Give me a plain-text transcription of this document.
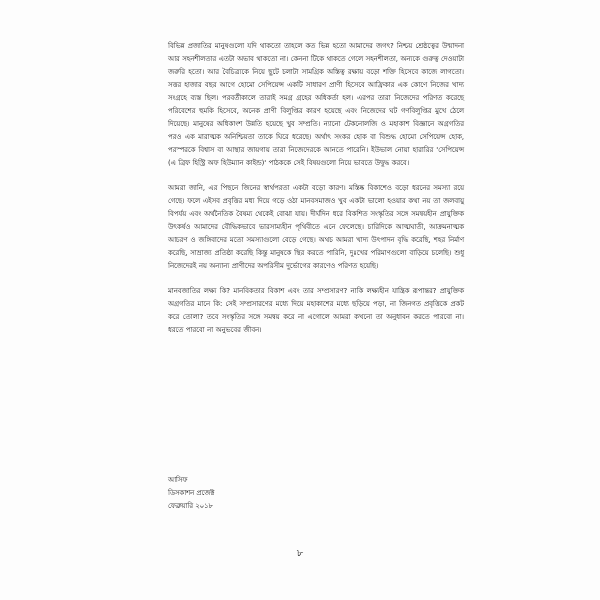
বিভিন্ন প্রজাতির মানুষগুলো যদি থাকতো তাহলে কত ভিন্ন হতো আমাদের জগৎ? নিশ্চয় শ্রেষ্ঠত্বের উন্মাদনা আর সহনশীলতার এতটা অভাব থাকতো না। কেননা টিকে থাকতে গেলে সহনশীলতা, অন্যকে গুরুত্ব দেওয়াটা জরুরি হতো। আর বৈচিত্র্যকে নিয়ে ছুটে চলাটা সামগ্রিক অস্তিত্ব রক্ষায় বড়ো শক্তি হিসেবে কাজে লাগতো। সত্তর হাজার বছর আগে হোমো সেপিয়েন্স একটি সাধারণ প্রাণী হিসেবে আফ্রিকার এক কোণে নিজের খাদ্য সংগ্রহে ব্যস্ত ছিল। পরবর্তীকালে তারাই সমগ্র গ্রহের অধিকর্তা হল। এরপর তারা নিজেদের পরিণত করেছে পরিবেশের হুমকি হিসেবে, অনেক প্রাণী বিলুপ্তির কারণ হয়েছে এবং নিজেদের ঘট গণবিলুপ্তির মুখে ঠেলে দিয়েছে। মানুষের অধিকাংশ উন্নতি হয়েছে খুব সম্প্রতি। ন্যানো টেকনোলজি ও মহাকাশ বিজ্ঞানে অগ্রগতির পরও এক মারাত্মক অনিশ্চিয়তা তাকে ঘিরে ধরেছে। অর্থাৎ সংকর হোক বা বিশুদ্ধ হোমো সেপিয়েন্স হোক, পরস্পরকে বিশ্বাস বা আস্থার জায়গায় তারা নিজেদেরকে আনতে পারেনি। ইউভাল নোয়া হারারির 'সেপিয়েন্স (এ ব্রিফ হিস্ট্রি অফ হিউম্যান কাইন্ড)' পাঠককে সেই বিষয়গুলো নিয়ে ভাবতে উদ্বুদ্ধ করবে।

আমরা জানি, এর পিছনে জিনের স্বার্থপরতা একটা বড়ো কারণ। মস্তিষ্ক বিকাশেও বড়ো ধরনের সমস্যা রয়ে গেছে। ফলে এইসব প্রবৃত্তির মধ্য দিয়ে গড়ে ওঠা মানবসমাজও খুব একটা ভালো হওয়ার কথা নয় তা জলবায়ু বিপর্যয় এবং অর্থনৈতিক বৈষম্য থেকেই বোঝা যায়। দীর্ঘদিন ধরে বিকশিত সংস্কৃতির সঙ্গে সমন্বয়হীন প্রাযুক্তিক উৎকর্ষও আমাদের বৌদ্ধিকভাবে ভারসাম্যহীন পৃথিবীতে এনে ফেলেছে। চারিদিকে আত্মঘাতী, আক্রমনাত্মক আচরণ ও জঙ্গিবাদের মতো সমস্যাগুলো বেড়ে গেছে। অথচ আমরা খাদ্য উৎপাদন বৃদ্ধি করেছি, শহর নির্মাণ করেছি, সাম্রাজ্য প্রতিষ্ঠা করেছি কিন্তু মানুষকে স্থির করতে পারিনি, দুঃখের পরিমাণগুলো বাড়িয়ে চলেছি। শুধু নিজেদেরই নয় অন্যান্য প্রাণীদের অপরিসীম দুর্ভোগের কারণেও পরিণত হয়েছি।

মানবজাতির লক্ষ্য কি? মানবিকতার বিকাশ এবং তার সম্প্রসারণ? নাকি লক্ষ্যহীন যান্ত্রিক রূপান্তর? প্রাযুক্তিক অগ্রগতির মানে কি: সেই সম্প্রসারণের মধ্যে দিয়ে মহাকাশের মধ্যে ছড়িয়ে পড়া, না জিনগত প্রবৃত্তিকে প্রকট করে তোলা? তবে সংস্কৃতির সঙ্গে সমন্বয় করে না এগোলে আমরা কখনো তা অনুধাবন করতে পারবো না। ধরতে পারবো না অনুভবের জীবন।

আসিফ
ডিসকাশন প্রজেক্ট
ফেব্রুয়ারি ২০১৮
৮
